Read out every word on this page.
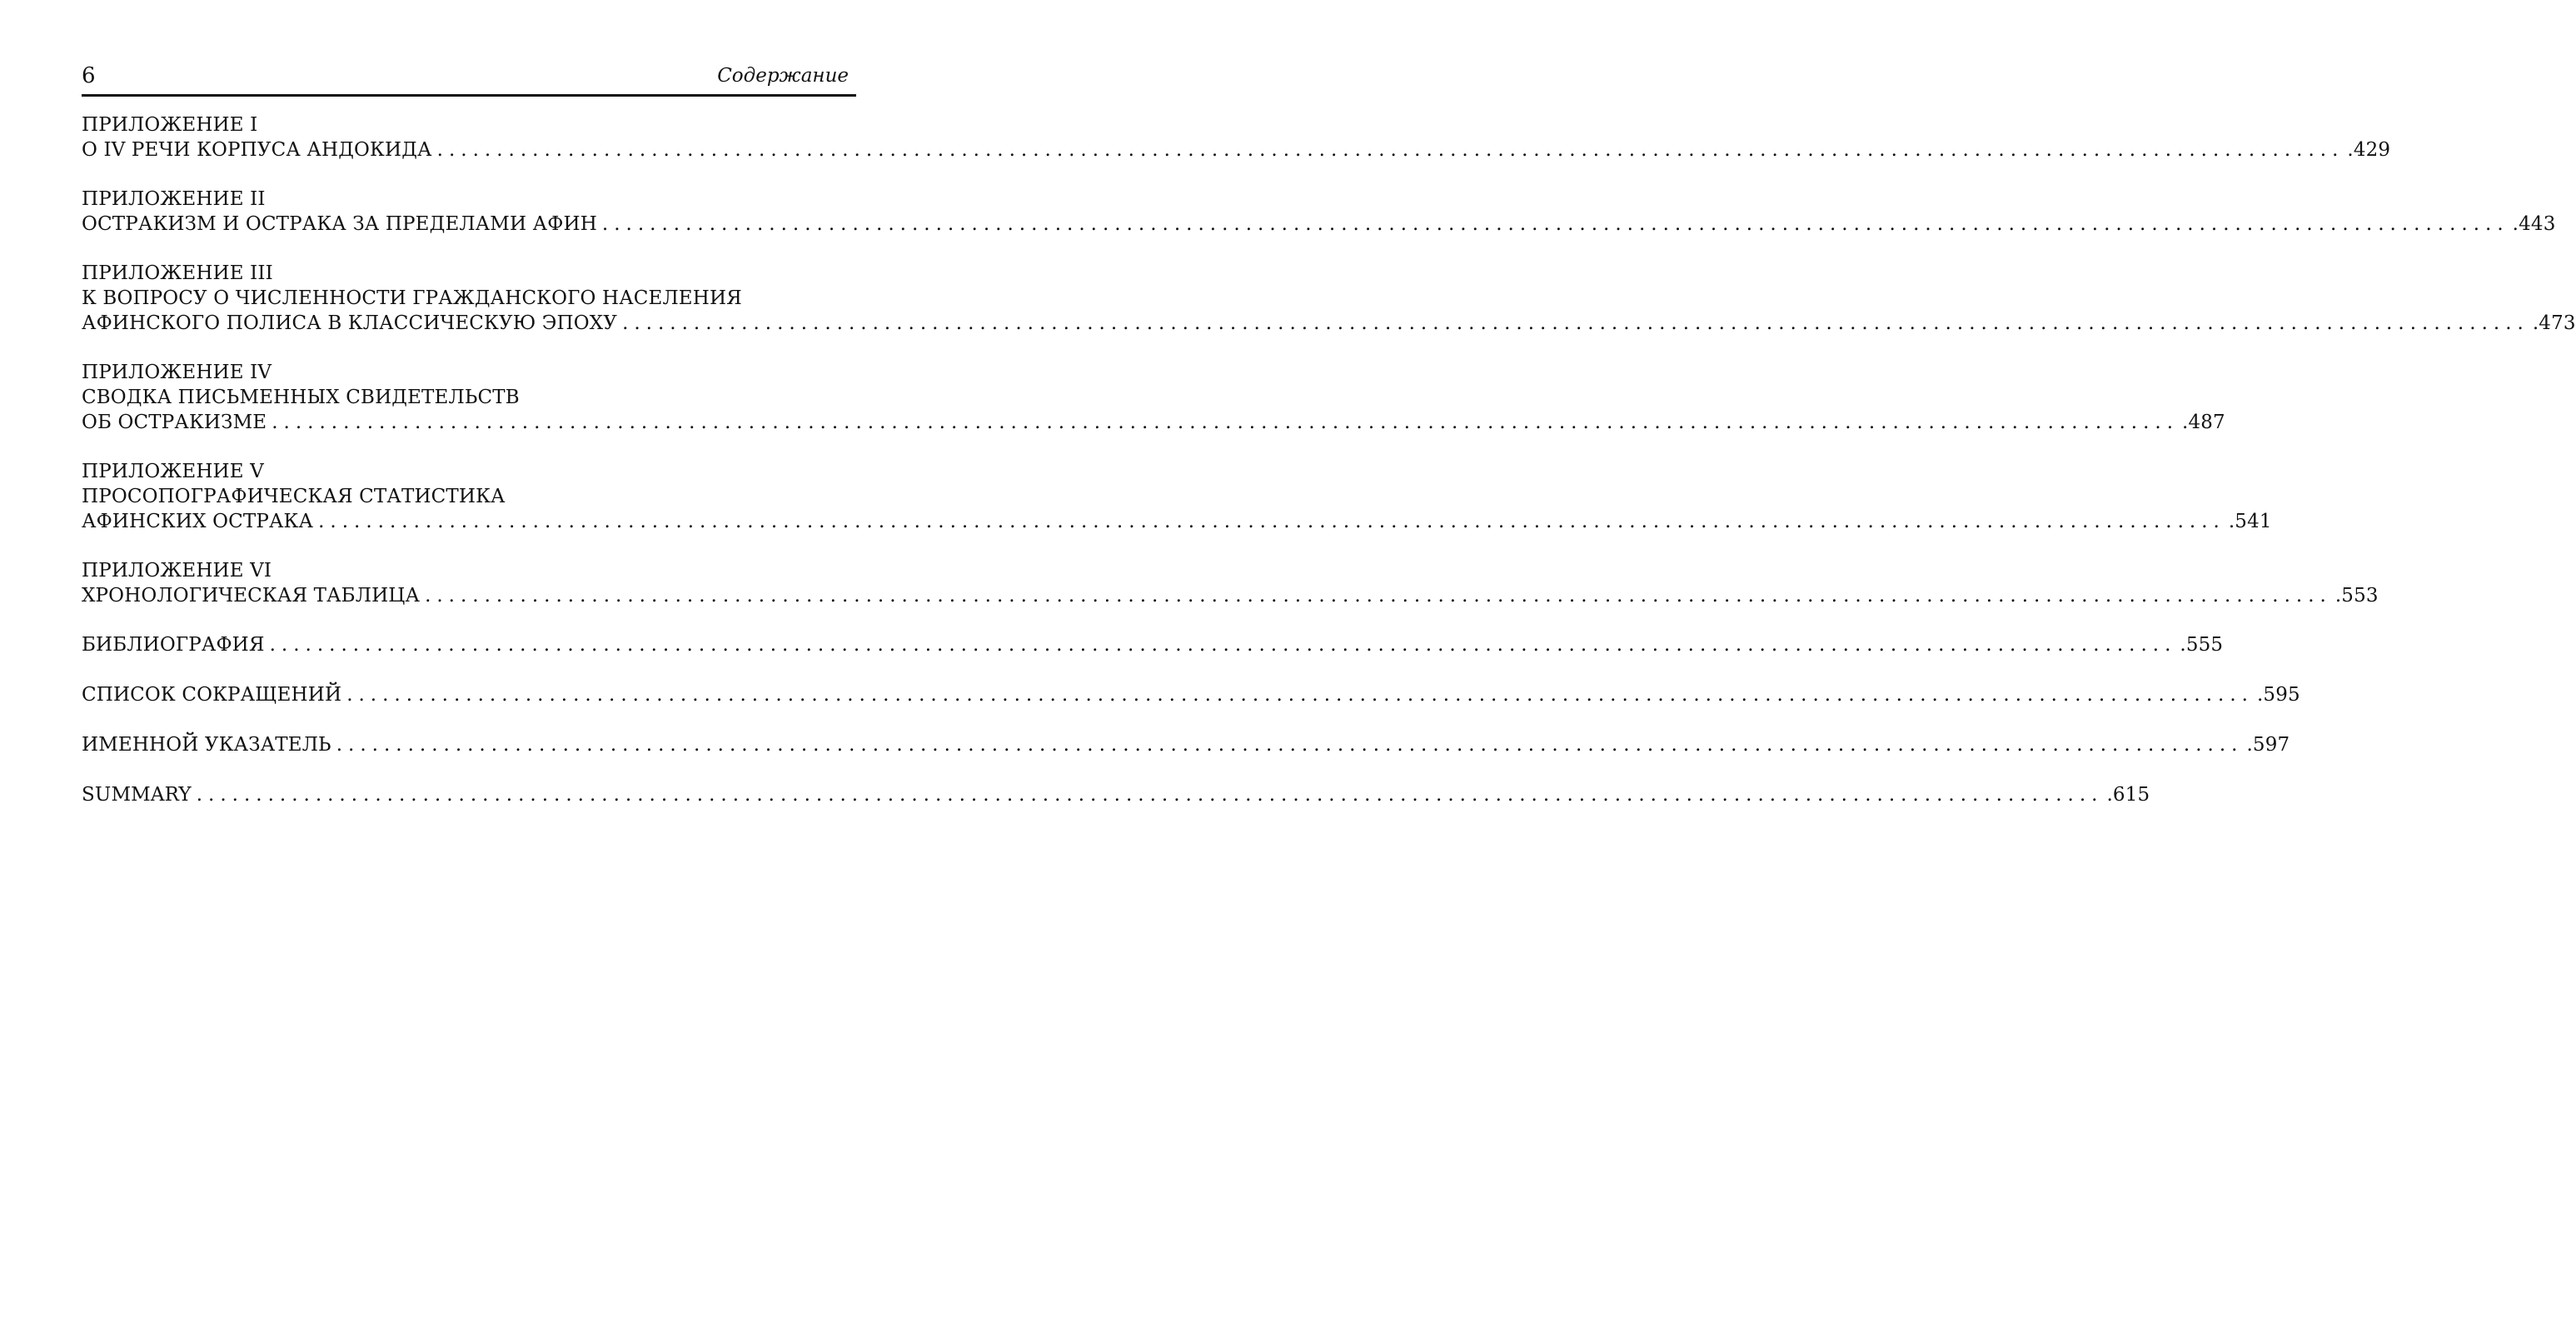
6	Содержание
ПРИЛОЖЕНИЕ I
О IV РЕЧИ КОРПУСА АНДОКИДА ................................................................................................................................................................ .429
ПРИЛОЖЕНИЕ II
ОСТРАКИЗМ И ОСТРАКА ЗА ПРЕДЕЛАМИ АФИН ................................................................................................................................................................ .443
ПРИЛОЖЕНИЕ III
К ВОПРОСУ О ЧИСЛЕННОСТИ ГРАЖДАНСКОГО НАСЕЛЕНИЯ
АФИНСКОГО ПОЛИСА В КЛАССИЧЕСКУЮ ЭПОХУ ................................................................................................................................................................ .473
ПРИЛОЖЕНИЕ IV
СВОДКА ПИСЬМЕННЫХ СВИДЕТЕЛЬСТВ
ОБ ОСТРАКИЗМЕ ................................................................................................................................................................ .487
ПРИЛОЖЕНИЕ V
ПРОСОПОГРАФИЧЕСКАЯ СТАТИСТИКА
АФИНСКИХ ОСТРАКА ................................................................................................................................................................ .541
ПРИЛОЖЕНИЕ VI
ХРОНОЛОГИЧЕСКАЯ ТАБЛИЦА ................................................................................................................................................................ .553
БИБЛИОГРАФИЯ ................................................................................................................................................................ .555
СПИСОК СОКРАЩЕНИЙ ................................................................................................................................................................ .595
ИМЕННОЙ УКАЗАТЕЛЬ ................................................................................................................................................................ .597
SUMMARY ................................................................................................................................................................ .615
